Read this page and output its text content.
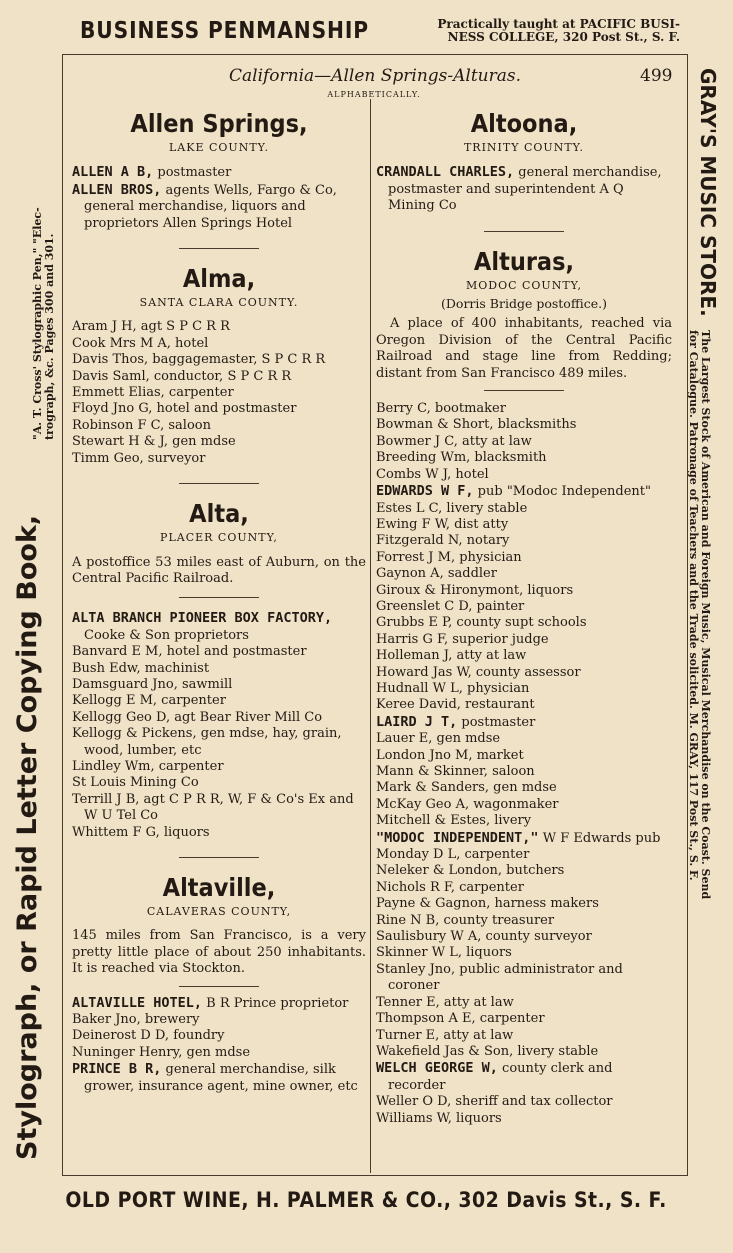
BUSINESS PENMANSHIP	Practically taught at PACIFIC BUSI-
NESS COLLEGE, 320 Post St., S. F.
Stylograph, or Rapid Letter Copying Book,
"A. T. Cross' Stylographic Pen," "Elec- trograph, &c. Pages 300 and 301.
GRAY'S MUSIC STORE.
The Largest Stock of American and Foreign Music, Musical Merchandise on the Coast. Send
for Catalogue. Patronage of Teachers and the Trade solicited. M. GRAY, 117 Post St., S. F.
California—Allen Springs-Alturas.	499
ALPHABETICALLY.
Allen Springs,
LAKE COUNTY.
ALLEN A B, postmaster
ALLEN BROS, agents Wells, Fargo & Co, general merchandise, liquors and proprietors Allen Springs Hotel
Alma,
SANTA CLARA COUNTY.
Aram J H, agt S P C R R
Cook Mrs M A, hotel
Davis Thos, baggagemaster, S P C R R
Davis Saml, conductor, S P C R R
Emmett Elias, carpenter
Floyd Jno G, hotel and postmaster
Robinson F C, saloon
Stewart H & J, gen mdse
Timm Geo, surveyor
Alta,
PLACER COUNTY,
A postoffice 53 miles east of Auburn, on the Central Pacific Railroad.
ALTA BRANCH PIONEER BOX FACTORY, Cooke & Son proprietors
Banvard E M, hotel and postmaster
Bush Edw, machinist
Damsguard Jno, sawmill
Kellogg E M, carpenter
Kellogg Geo D, agt Bear River Mill Co
Kellogg & Pickens, gen mdse, hay, grain, wood, lumber, etc
Lindley Wm, carpenter
St Louis Mining Co
Terrill J B, agt C P R R, W, F & Co's Ex and W U Tel Co
Whittem F G, liquors
Altaville,
CALAVERAS COUNTY,
145 miles from San Francisco, is a very pretty little place of about 250 inhabitants. It is reached via Stockton.
ALTAVILLE HOTEL, B R Prince proprietor
Baker Jno, brewery
Deinerost D D, foundry
Nuninger Henry, gen mdse
PRINCE B R, general merchandise, silk grower, insurance agent, mine owner, etc
Altoona,
TRINITY COUNTY.
CRANDALL CHARLES, general merchandise, postmaster and superintendent A Q Mining Co
Alturas,
MODOC COUNTY,
(Dorris Bridge postoffice.)
A place of 400 inhabitants, reached via Oregon Division of the Central Pacific Railroad and stage line from Redding; distant from San Francisco 489 miles.
Berry C, bootmaker
Bowman & Short, blacksmiths
Bowmer J C, atty at law
Breeding Wm, blacksmith
Combs W J, hotel
EDWARDS W F, pub "Modoc Independent"
Estes L C, livery stable
Ewing F W, dist atty
Fitzgerald N, notary
Forrest J M, physician
Gaynon A, saddler
Giroux & Hironymont, liquors
Greenslet C D, painter
Grubbs E P, county supt schools
Harris G F, superior judge
Holleman J, atty at law
Howard Jas W, county assessor
Hudnall W L, physician
Keree David, restaurant
LAIRD J T, postmaster
Lauer E, gen mdse
London Jno M, market
Mann & Skinner, saloon
Mark & Sanders, gen mdse
McKay Geo A, wagonmaker
Mitchell & Estes, livery
"MODOC INDEPENDENT," W F Edwards pub
Monday D L, carpenter
Neleker & London, butchers
Nichols R F, carpenter
Payne & Gagnon, harness makers
Rine N B, county treasurer
Saulisbury W A, county surveyor
Skinner W L, liquors
Stanley Jno, public administrator and coroner
Tenner E, atty at law
Thompson A E, carpenter
Turner E, atty at law
Wakefield Jas & Son, livery stable
WELCH GEORGE W, county clerk and recorder
Weller O D, sheriff and tax collector
Williams W, liquors
OLD PORT WINE, H. PALMER & CO., 302 Davis St., S. F.
